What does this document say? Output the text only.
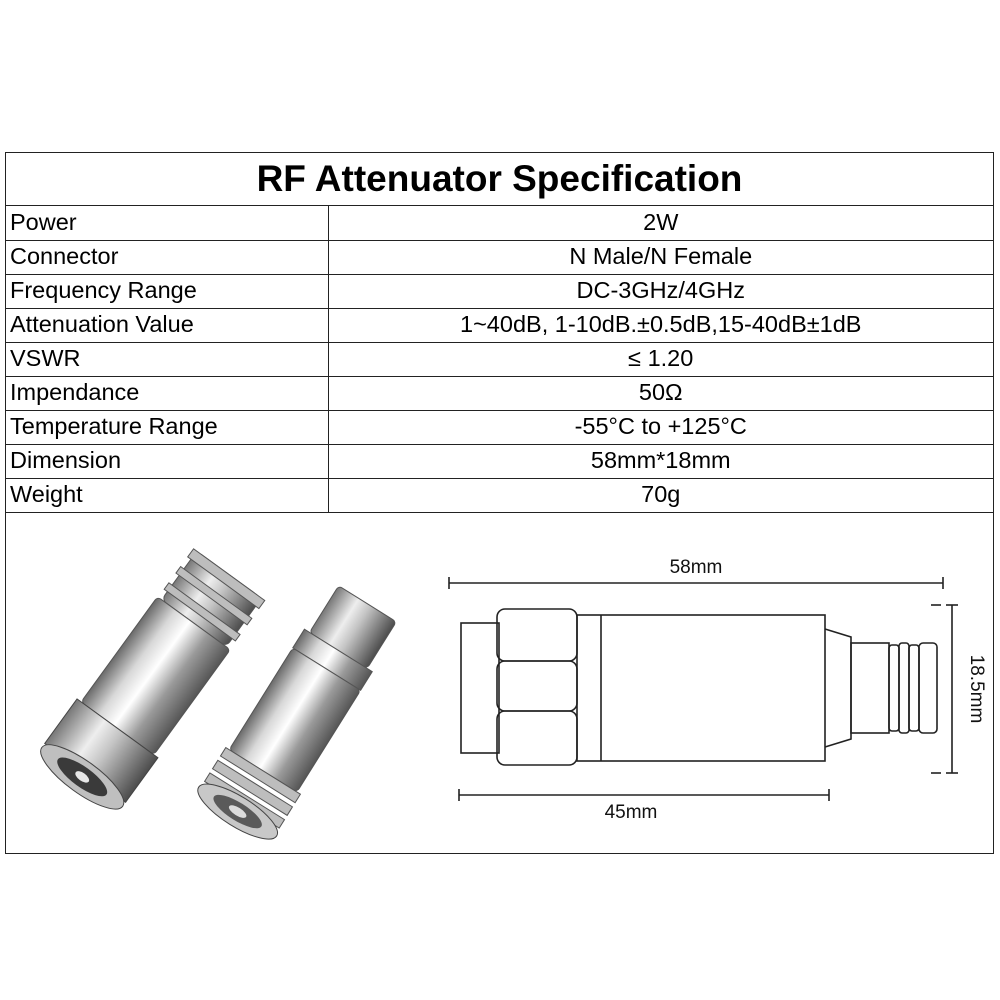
RF Attenuator Specification
Power	2W
Connector	N Male/N Female
Frequency Range	DC-3GHz/4GHz
Attenuation Value	1~40dB, 1-10dB.±0.5dB,15-40dB±1dB
VSWR	≤ 1.20
Impendance	50Ω
Temperature Range	-55°C to +125°C
Dimension	58mm*18mm
Weight	70g
58mm
45mm
18.5mm
